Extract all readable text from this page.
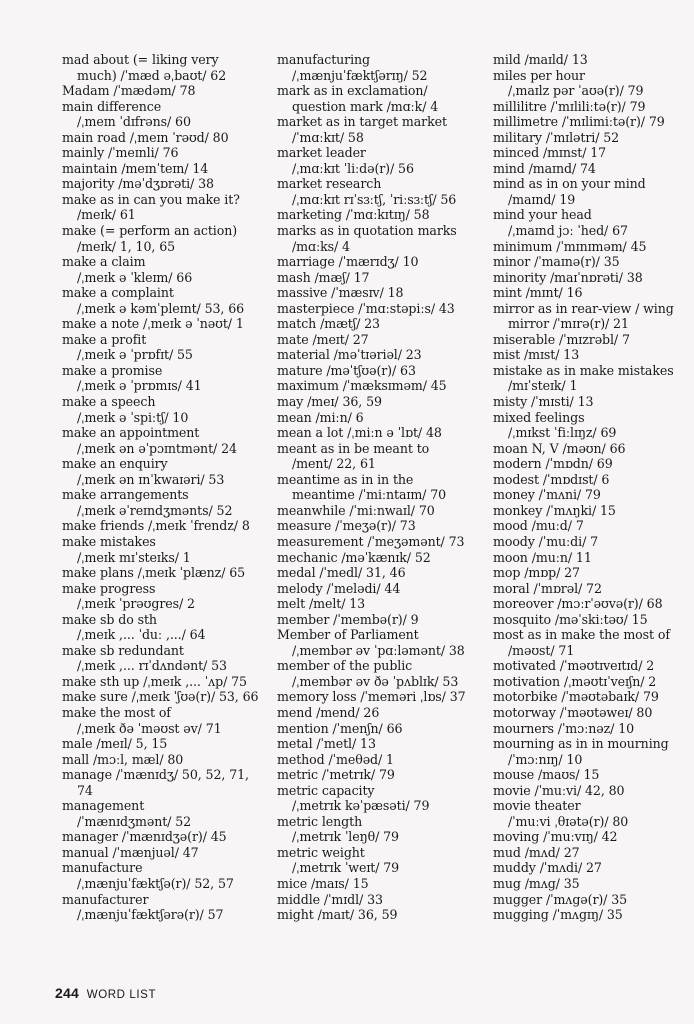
mad about (= liking very
much) /ˈmæd əˌbaʊt/ 62
Madam /ˈmædəm/ 78
main difference
/ˌmeɪn ˈdɪfrəns/ 60
main road /ˌmeɪn ˈrəʊd/ 80
mainly /ˈmeɪnli/ 76
maintain /meɪnˈteɪn/ 14
majority /məˈdʒɒrəti/ 38
make as in can you make it?
/meɪk/ 61
make (= perform an action)
/meɪk/ 1, 10, 65
make a claim
/ˌmeɪk ə ˈkleɪm/ 66
make a complaint
/ˌmeɪk ə kəmˈpleɪnt/ 53, 66
make a note /ˌmeɪk ə ˈnəʊt/ 1
make a profit
/ˌmeɪk ə ˈprɒfɪt/ 55
make a promise
/ˌmeɪk ə ˈprɒmɪs/ 41
make a speech
/ˌmeɪk ə ˈspiːtʃ/ 10
make an appointment
/ˌmeɪk ən əˈpɔɪntmənt/ 24
make an enquiry
/ˌmeɪk ən ɪnˈkwaɪəri/ 53
make arrangements
/ˌmeɪk əˈreɪndʒmənts/ 52
make friends /ˌmeɪk ˈfrendz/ 8
make mistakes
/ˌmeɪk mɪˈsteɪks/ 1
make plans /ˌmeɪk ˈplænz/ 65
make progress
/ˌmeɪk ˈprəʊgres/ 2
make sb do sth
/ˌmeɪk ,... ˈduː ,.../ 64
make sb redundant
/ˌmeɪk ,... rɪˈdʌndənt/ 53
make sth up /ˌmeɪk ,... ˈʌp/ 75
make sure /ˌmeɪk ˈʃʊə(r)/ 53, 66
make the most of
/ˌmeɪk ðə ˈməʊst əv/ 71
male /meɪl/ 5, 15
mall /mɔːl, mæl/ 80
manage /ˈmænɪdʒ/ 50, 52, 71,
74
management
/ˈmænɪdʒmənt/ 52
manager /ˈmænɪdʒə(r)/ 45
manual /ˈmænjuəl/ 47
manufacture
/ˌmænjuˈfæktʃə(r)/ 52, 57
manufacturer
/ˌmænjuˈfæktʃərə(r)/ 57
manufacturing
/ˌmænjuˈfæktʃərɪŋ/ 52
mark as in exclamation/
question mark /mɑːk/ 4
market as in target market
/ˈmɑːkɪt/ 58
market leader
/ˌmɑːkɪt ˈliːdə(r)/ 56
market research
/ˌmɑːkɪt rɪˈsɜːtʃ, ˈriːsɜːtʃ/ 56
marketing /ˈmɑːkɪtɪŋ/ 58
marks as in quotation marks
/mɑːks/ 4
marriage /ˈmærɪdʒ/ 10
mash /mæʃ/ 17
massive /ˈmæsɪv/ 18
masterpiece /ˈmɑːstəpiːs/ 43
match /mætʃ/ 23
mate /meɪt/ 27
material /məˈtɪəriəl/ 23
mature /məˈtʃʊə(r)/ 63
maximum /ˈmæksɪməm/ 45
may /meɪ/ 36, 59
mean /miːn/ 6
mean a lot /ˌmiːn ə ˈlɒt/ 48
meant as in be meant to
/ment/ 22, 61
meantime as in in the
meantime /ˈmiːntaɪm/ 70
meanwhile /ˈmiːnwaɪl/ 70
measure /ˈmeʒə(r)/ 73
measurement /ˈmeʒəmənt/ 73
mechanic /məˈkænɪk/ 52
medal /ˈmedl/ 31, 46
melody /ˈmelədi/ 44
melt /melt/ 13
member /ˈmembə(r)/ 9
Member of Parliament
/ˌmembər əv ˈpɑːləmənt/ 38
member of the public
/ˌmembər əv ðə ˈpʌblɪk/ 53
memory loss /ˈmeməri ˌlɒs/ 37
mend /mend/ 26
mention /ˈmenʃn/ 66
metal /ˈmetl/ 13
method /ˈmeθəd/ 1
metric /ˈmetrɪk/ 79
metric capacity
/ˌmetrɪk kəˈpæsəti/ 79
metric length
/ˌmetrɪk ˈleŋθ/ 79
metric weight
/ˌmetrɪk ˈweɪt/ 79
mice /maɪs/ 15
middle /ˈmɪdl/ 33
might /maɪt/ 36, 59
mild /maɪld/ 13
miles per hour
/ˌmaɪlz pər ˈaʊə(r)/ 79
millilitre /ˈmɪliliːtə(r)/ 79
millimetre /ˈmɪlimiːtə(r)/ 79
military /ˈmɪlətri/ 52
minced /mɪnst/ 17
mind /maɪnd/ 74
mind as in on your mind
/maɪnd/ 19
mind your head
/ˌmaɪnd jɔː ˈhed/ 67
minimum /ˈmɪnɪməm/ 45
minor /ˈmaɪnə(r)/ 35
minority /maɪˈnɒrəti/ 38
mint /mɪnt/ 16
mirror as in rear-view / wing
mirror /ˈmɪrə(r)/ 21
miserable /ˈmɪzrəbl/ 7
mist /mɪst/ 13
mistake as in make mistakes
/mɪˈsteɪk/ 1
misty /ˈmɪsti/ 13
mixed feelings
/ˌmɪkst ˈfiːlɪŋz/ 69
moan N, V /məʊn/ 66
modern /ˈmɒdn/ 69
modest /ˈmɒdɪst/ 6
money /ˈmʌni/ 79
monkey /ˈmʌŋki/ 15
mood /muːd/ 7
moody /ˈmuːdi/ 7
moon /muːn/ 11
mop /mɒp/ 27
moral /ˈmɒrəl/ 72
moreover /mɔːrˈəʊvə(r)/ 68
mosquito /məˈskiːtəʊ/ 15
most as in make the most of
/məʊst/ 71
motivated /ˈməʊtɪveɪtɪd/ 2
motivation /ˌməʊtɪˈveɪʃn/ 2
motorbike /ˈməʊtəbaɪk/ 79
motorway /ˈməʊtəweɪ/ 80
mourners /ˈmɔːnəz/ 10
mourning as in in mourning
/ˈmɔːnɪŋ/ 10
mouse /maʊs/ 15
movie /ˈmuːvi/ 42, 80
movie theater
/ˈmuːvi ˌθɪətə(r)/ 80
moving /ˈmuːvɪŋ/ 42
mud /mʌd/ 27
muddy /ˈmʌdi/ 27
mug /mʌg/ 35
mugger /ˈmʌgə(r)/ 35
mugging /ˈmʌgɪŋ/ 35
244 WORD LIST
